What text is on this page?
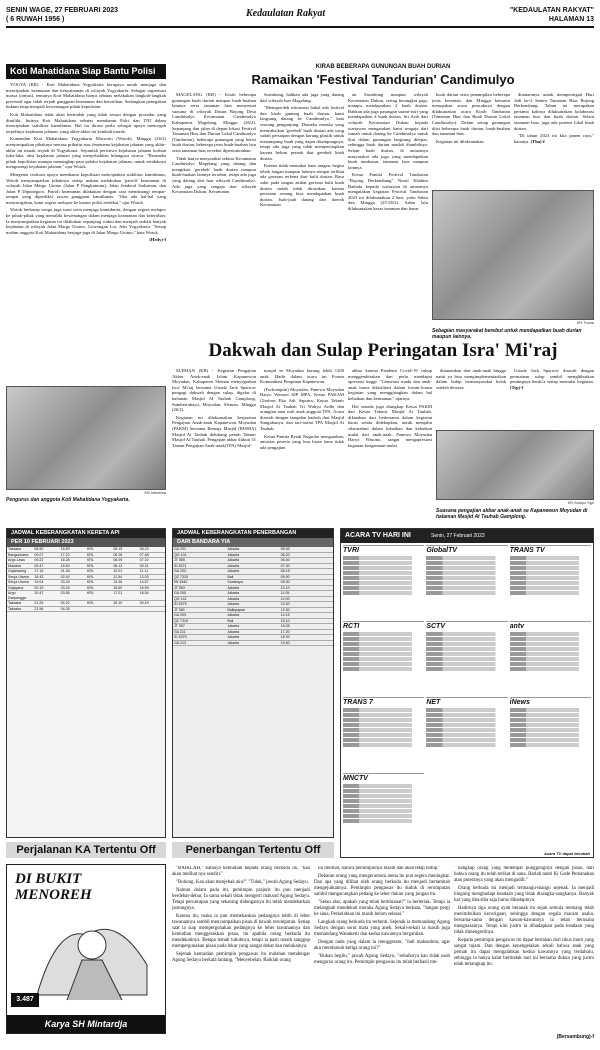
SENIN WAGE, 27 FEBRUARI 2023
( 6 RUWAH 1956 )
Kedaulatan Rakyat	"KEDAULATAN RAKYAT"
HALAMAN 13
Koti Mahatidana Siap Bantu Polisi

YOGYA (KR) - Koti Mahatidana Yogyakarta berupaya untuk menjaga dan menciptakan keamanan dan kenyamanan di wilayah Yogyakarta. Sebagai organisasi massa (ormas), tentunya Koti Mahatidana hanya sebatas melakukan langkah-langkah preventif agar tidak terjadi gangguan keamanan dan ketertiban. Sedangkan penegakan hukum tetap menjadi kewenangan pihak kepolisian.

Koti Mahatidana tidak akan bertindak yang tidak sesuai dengan prosedur yang dimiliki. Intinya Koti Mahatidana sebatas membantu Polri dan TNI dalam menciptakan stabilitas kamtibmas. Hal itu dirasa perlu sebagai upaya mencegah terjadinya kejahatan jalanan, yang akhir-akhir ini kembali marak.

Komandan Koti Mahatidana Yogyakarta Marwoto (Wotok), Minggu (26/2) menyampaikan pihaknya merasa prihatin atas fenomena kejahatan jalanan yang akhir-akhir ini marak terjadi di Yogyakarta. Sejumlah peristiwa kejahatan jalanan korban luka-luka, aksi kejahatan jalanan yang menyebabkan hilangnya nyawa. "Beraneka pihak kepolisian mampu menangkap para pelaku kejahatan jalanan, untuk setidaknya mengurangi kejahatan jalanan," ujar Wotok.

Mengenai realisasi upaya membantu kepolisian menciptakan stabilitas kamtibmas, Wotok menyampaikan pihaknya setiap malam melakukan 'patroli' keamanan di wilayah Jalan Margo Utomo (Jalan P Pangkutnum), Jalan Jenderal Sudirman, dan Jalan P Diponegoro. Patroli keamanan dilakukan dengan cara mendatangi tempat-tempat yang diprediksi rawan gangguan kamtibmas. "Jika ada hal-hal yang mencurigakan, kami segera melapor ke kantor polisi terdekat," ujar Wotok.

Wotok berharap warga juga turut serta menjaga kamtibmas, dengan segera melapor ke pihak-pihak yang memiliki kewenangan dalam menjaga keamanan dan ketertiban. Ia menyampaikan kegiatan ini dilakukan sepanjang waktu dan menjadi sedikit banyak kejahatan di wilayah Jalan Margo Utomo, Gowongan Lor, Jetis Yogyakarta. "Setiap malam anggota Koti Mahatidana berjaga-jaga di Jalan Margo Utomo," kata Wotok.

(Hedy)-f
KR-Istimewa
Pengurus dan anggota Koti Mahatidana Yogyakarta.
KIRAB BEBERAPA GUNUNGAN BUAH DURIAN
Ramaikan 'Festival Tandurian' Candimulyo

MAGELANG (KR) - Kirab beberapa gunungan buah durian maupun buah-buahan lainnya serta tanaman hias menyemai suasana di wilayah Dusun Bojong Desa Candimulyo Kecamatan Candimulyo Kabupaten Magelang, Minggu (26/2). Sepanjang dan jalan di depan lokasi Festival Tanaman Hias dan Durian Lokal Candimulyo (Tandurian), beberapa gunungan yang berisi buah durian, beberapa jenis buah-buahan lain serta tanaman hias tersebut dipertontonkan.

Tidak hanya masyarakat sekitar Kecamatan Candimulyo Magelang yang datang dan mengikuti 'gerebek' buah durian maupun buah-buahan lainnya tersebut, tetapi ada juga yang datang dari luar wilayah Candimulyo. Ada juga yang sengaja dari wilayah Kecamatan Dukun, Kecamatan

Srumbung, bahkan ada juga yang datang dari wilayah luar Magelang.

"Memperoleh informasi bakal ada festival dan kirab gunung buah durian, kami langsung datang ke Candimulyo," kata seorang pengunjung. Dianeka meraka yang menyaksikan 'gerebek' buah durian ada yang sudah persiapan dengan karung plastik untuk menampung buah yang dapat ditampungnya, tetapi ada juga yang tidak mempersiapkan karena belum pernah ikut gerebek buah durian.

Karena tidak memakai kaos tangan, begitu tebak langan maupun lainnya sempat terlihat ada goresan terkena duri kulit durian. Rasa sakit pada tangan akibat goresan kulit buah durian sudah tidak dirasakan, karena perasaan senang bisa mendapatkan buah durian. Juah-juah datang dari daerah Kecamatan

an Srumbung maupun wilayah Kecamatan Dukun, sering berangkat pagi, mampu mendapatkan 2 buah durian. Bahkan ada juga pasangan suami-istri yang mendapatkan 4 buah durian. Sri Asih dari wilayah Kecamatan Dukun kepada wartawan mengatakan kami sengaja dari rumah untuk datang ke Candimulyo untuk ikut dalam gunungan langsung dilepas, sehingga buah durian mudah diambilnya. Selain buah durian, di antaranya masyarakat ada juga yang mendapatkan buah rambutan, tanaman hias maupun lainnya.

Ketua Panitia Festival Tandurian "Bojong Berkembang" Nurul Khakim Baihaki kepada wartawan di antaranya mengatakan kegiatan Festival Tandurian 2023 ini dilaksanakan 2 hari, yaitu Sabtu dan Minggu (25-26/2). Sabtu lalu dilaksanakan bazar tanaman dan bazar

buah durian serta penampilan beberapa jenis kesenian, dan Minggu kemarin merupakan acara puncaknya dengan dilaksanakan acara Kirab Tandurian (Tanaman Hias dan Buah Durian Lokal Candimulyo). Dalam setiap gunungan diisi beberapa buah durian, buah-buahan dan tanaman hias.

Kegiatan ini dilaksanakan

diantaranya untuk memperingati Hari Jadi ke-2 Sentra Tanaman Hias Bojong Berkembang. Tahun ini merupakan pertama kalinya dilaksanakan kolaborasi tanaman hias dan buah durian. Selain tanaman hias, juga ada potensi lokal buah durian.

"Di tahun 2023 ini kita panen raya," katanya. (Tha)-f

KR-Thoha
Sebagian masyarakat berebut untuk mendapatkan buah durian maupun lainnya.
Dakwah dan Sulap Peringatan Isra' Mi'raj

SLEMAN (KR) - Kegiatan Pengajian Akbar Anak-anak Islam Kapanewon Moyudan, Kabupaten Sleman menyegarkan Isra' Mi'raj bersama Ustadz Jack Sparrow pengagi dakwah dengan sulap, digelar di halaman Masjid Al Tauhab Gamplong, Sumberrahayu, Moyudan, Sleman, Minggu (26/2).

Kegiatan ini dilaksanakan kerjasama Pengajian Anak-anak Kapanewon Moyudan (PAKM) bersama Remaja Masjid (RISMA) Masjid At Tauhab didukung penuh Takmir Masjid At Tauhab. Pengajian akbar diikuti 31 Taman Pengajian Anak-anak(TPA) Masjid-

masjid se Moyudan kurang lebih 1200 anak. Hadir dalam acara ini Forum Komunikasi Pimpinan Kapanewon.

(Forkompim) Moyudan, Panewu Moyudan Haryo Wasono SIP MPA, Ketua PAKAM Ghufron Eka Adi Saputra, Ketua Takmir Masjid At Tauhab Tri Wahyu Ardhi dan orangtua atau wali anak anggota TPA. Acara diawali dengan tampilan hadroh dari Masjid Sungubanyu, dan tari-tarian TPA Masjid At Tauhab.

Ketua Panitia Ryadi Nugroho mengatakan, antusias peserta yang luar biasa lama tidak ada pengajian

akbar karena Pandemi Covid-19 cukup menggembirakan dan perlu mendapat apresiasi tinggi. "Gemerasi muda dan anak-anak harus difasilitasi dalam forum-forum kegiatan yang menggiringkan dalam hal kebaikan dan keimanan," ujarnya.

Hal senada juga diungkap Ketua PAKM dan Ketua Takmir Masjid At Tauhab, dikatakan dari berkesama dalam kegiatan harus selalu didekapkan, untuk menjalin silaturahmi dalam kebaikan dan kebaikan mulai dari anak-anak. Panewu Moyudan Haryo Wasono, sangat mengapresiasi kegiatan keagamaan mulai

ditanamkan dari anak-anak hingga nanti ya bisa mengimplementasikan dalam hidup bermasyarakat kelak setelah dewasa.

Ustadz Jack Sparrow diawali dengan permainan sulap sambil menghiburkan pentingnya berdo'a setiap memulai kegiatan. (Tsp)-f

KR-Sutopo Sgh
Suasana pengajian akbar anak-anak se Kapanewon Moyudan di halaman Masjid At Tauhab Gamplong.
JADWAL KEBERANGKATAN KERETA API
PER 10 FEBRUARI 2023
Taksaka	08.50	15.59	KRL	05.15	06.23
Bangunkarta	09.07	17.22	KRL	06.28	07.48
Argo Lawu	09.22	16.28	KRL	06.09	07.10
Malabar	09.47	18.50	KRL	08.13	09.31
Gajahwong	17.18	01.45	KRL	10.01	11.11
Senja Utama	18.43	02.40	KRL	11.54	13.03
Senja Utama	19.04	03.25	KRL	13.46	14.57
Gajayana	20.15	03.29	KRL	15.50	16.59
Argo Dwipangga
20.47	03.55	KRL	17.21	18.54
Taksaka	21.25	04.22	KRL	19.10	20.19
Taksaka	21.56	04.35
Perjalanan KA Tertentu Off
JADWAL KEBERANGKATAN PENERBANGAN
DARI BANDARA YIA
GA 201	Jakarta	05.45
QG 101	Jakarta	06.20
JT 555	Jakarta	06.40
ID 6371	Jakarta	07.30
GA 203	Jakarta	08.15
QZ 7315	Bali	09.00
IW 1840	Surabaya	09.30
JT 563	Jakarta	10.10
GA 205	Jakarta	11.05
QG 141	Jakarta	12.00
ID 6375	Jakarta	12.40
JT 561	Balikpapan	13.30
GA 209	Jakarta	14.15
QZ 7319	Bali	15.10
JT 557	Jakarta	16.05
GA 211	Jakarta	17.20
ID 6379	Jakarta	18.30
GA 213	Jakarta	19.40
Penerbangan Tertentu Off
ACARA TV HARI INI	Senin, 27 Februari 2023
TVRI	GlobalTV	TRANS TV
RCTI	SCTV	antv
TRANS 7	NET	iNews
MNCTV
Acara TV dapat berubah
DI BUKIT MENOREH
3.487
Karya SH Mintardja

"BAIKLAH," katanya kemudian kepada orang berkuda itu, "kau akan melihat nya sendiri."

"Bohong. Kau akan menjebak aku?" "Tidak," jawab Agung Sedayu.

Namun dalam pada itu, pemimpin prajurit itu pun menjadi berdebar-debar. Ia sama sekali tidak mengerti maksud Agung Sedayu. Tetapi percakapan yang sekarang didengarnya itu telah mendebarkan jantungnya.

Karena itu, maka ia pun memekankan pedangnya lebih di leher tawanannya sambil menyampaikan pisau di bawah rerumputan. Setiap saat ia siap mempergunakan pedangnya ke leher tawanannya dan kemudian menggerakkan pisau, itu apabila orang berkuda itu mendekatinya. Betapa lemah tubuhnya, tetapi ia pasti masih sanggup mempergunakan pisau pada lekar yang sangat dekat dan melukainya.

Sejenak kemudian pemimpin pengawas itu malahan mendengar Agung Sedayu berkata lantang, "Menyebelah. Baiklah orang

ini melihat, bahwa pemimpinnya masih dan akan tetap hidup."

Debaran orang yang mengerumuni arena itu pun segera meningkat. Dan apa yang dilihat oleh orang berkuda itu menjadi bertambah mengejutkannya. Pemimpin pengawas itu duduk di rerumputan sambil mengacungkan pedang ke leher dukun yang jongan itu.

"Setan alas, apakah yang telah berkhianat?" ia berteriak. Tetapi ia melangkah mendekati meraka Agung Sedayu berkata, "Jangan pergi ke sana. Perkelahian ini masih belum selesai."

Langkah orang berkuda itu terhenti. Sejenak ia memandang Agung Sedayu dengan sorot mata yang aneh. Sekali-sekali ia masih juga memandang Wanakerti dan kedua kawannya bergantian.

Dengan nada yang dalam ia menggeram, "Jadi maksudmu, agar aku membunuh ketiga orang ini?"

"Bukan begitu," jawab Agung Sedayu, "sebaiknya kau tidak usah mengurus orang itu. Pemimpin pengawas itu telah berhasil me-

nangkap orang yang melempar punggungnya dengan pisau, dari bahwa orang itu telah terikat di sana. Barlah nanti Ki Gede Pemanahan atau puteranya yang akan mengadili."

Orang berkuda itu menjadi termangu-mangu sejenak. Ia menjadi bingung menghadapi keadaan yang tidak disangka-sangkanya. Banyak hal yang tiba-tiba saja harus dihadapinya.

Hadirnya tiga orang ayah beranak itu sejak semula memang telah menimbulkan kecurigaan, sehingga dengan segala macam usaha, bersama-sama dengan kawan-kawannya ia telah berusaha menguasainya. Tetapi kini justru ia dihadapkan pada keadaan yang tidak dimengertinya.

Kepada pemimpin pengawas itu dapat bertahan dari tikus inum yang sangat tajam. Dan dengan kenengelakan sekali bahwa anak yang pernah itu dapat mengalahkan kedua kawannya yang terdahulu, sehingga ia hanya kalut bertindak hari ini bersama dukun yang justru telah tertangkap itu.

(Bersambung)-f
